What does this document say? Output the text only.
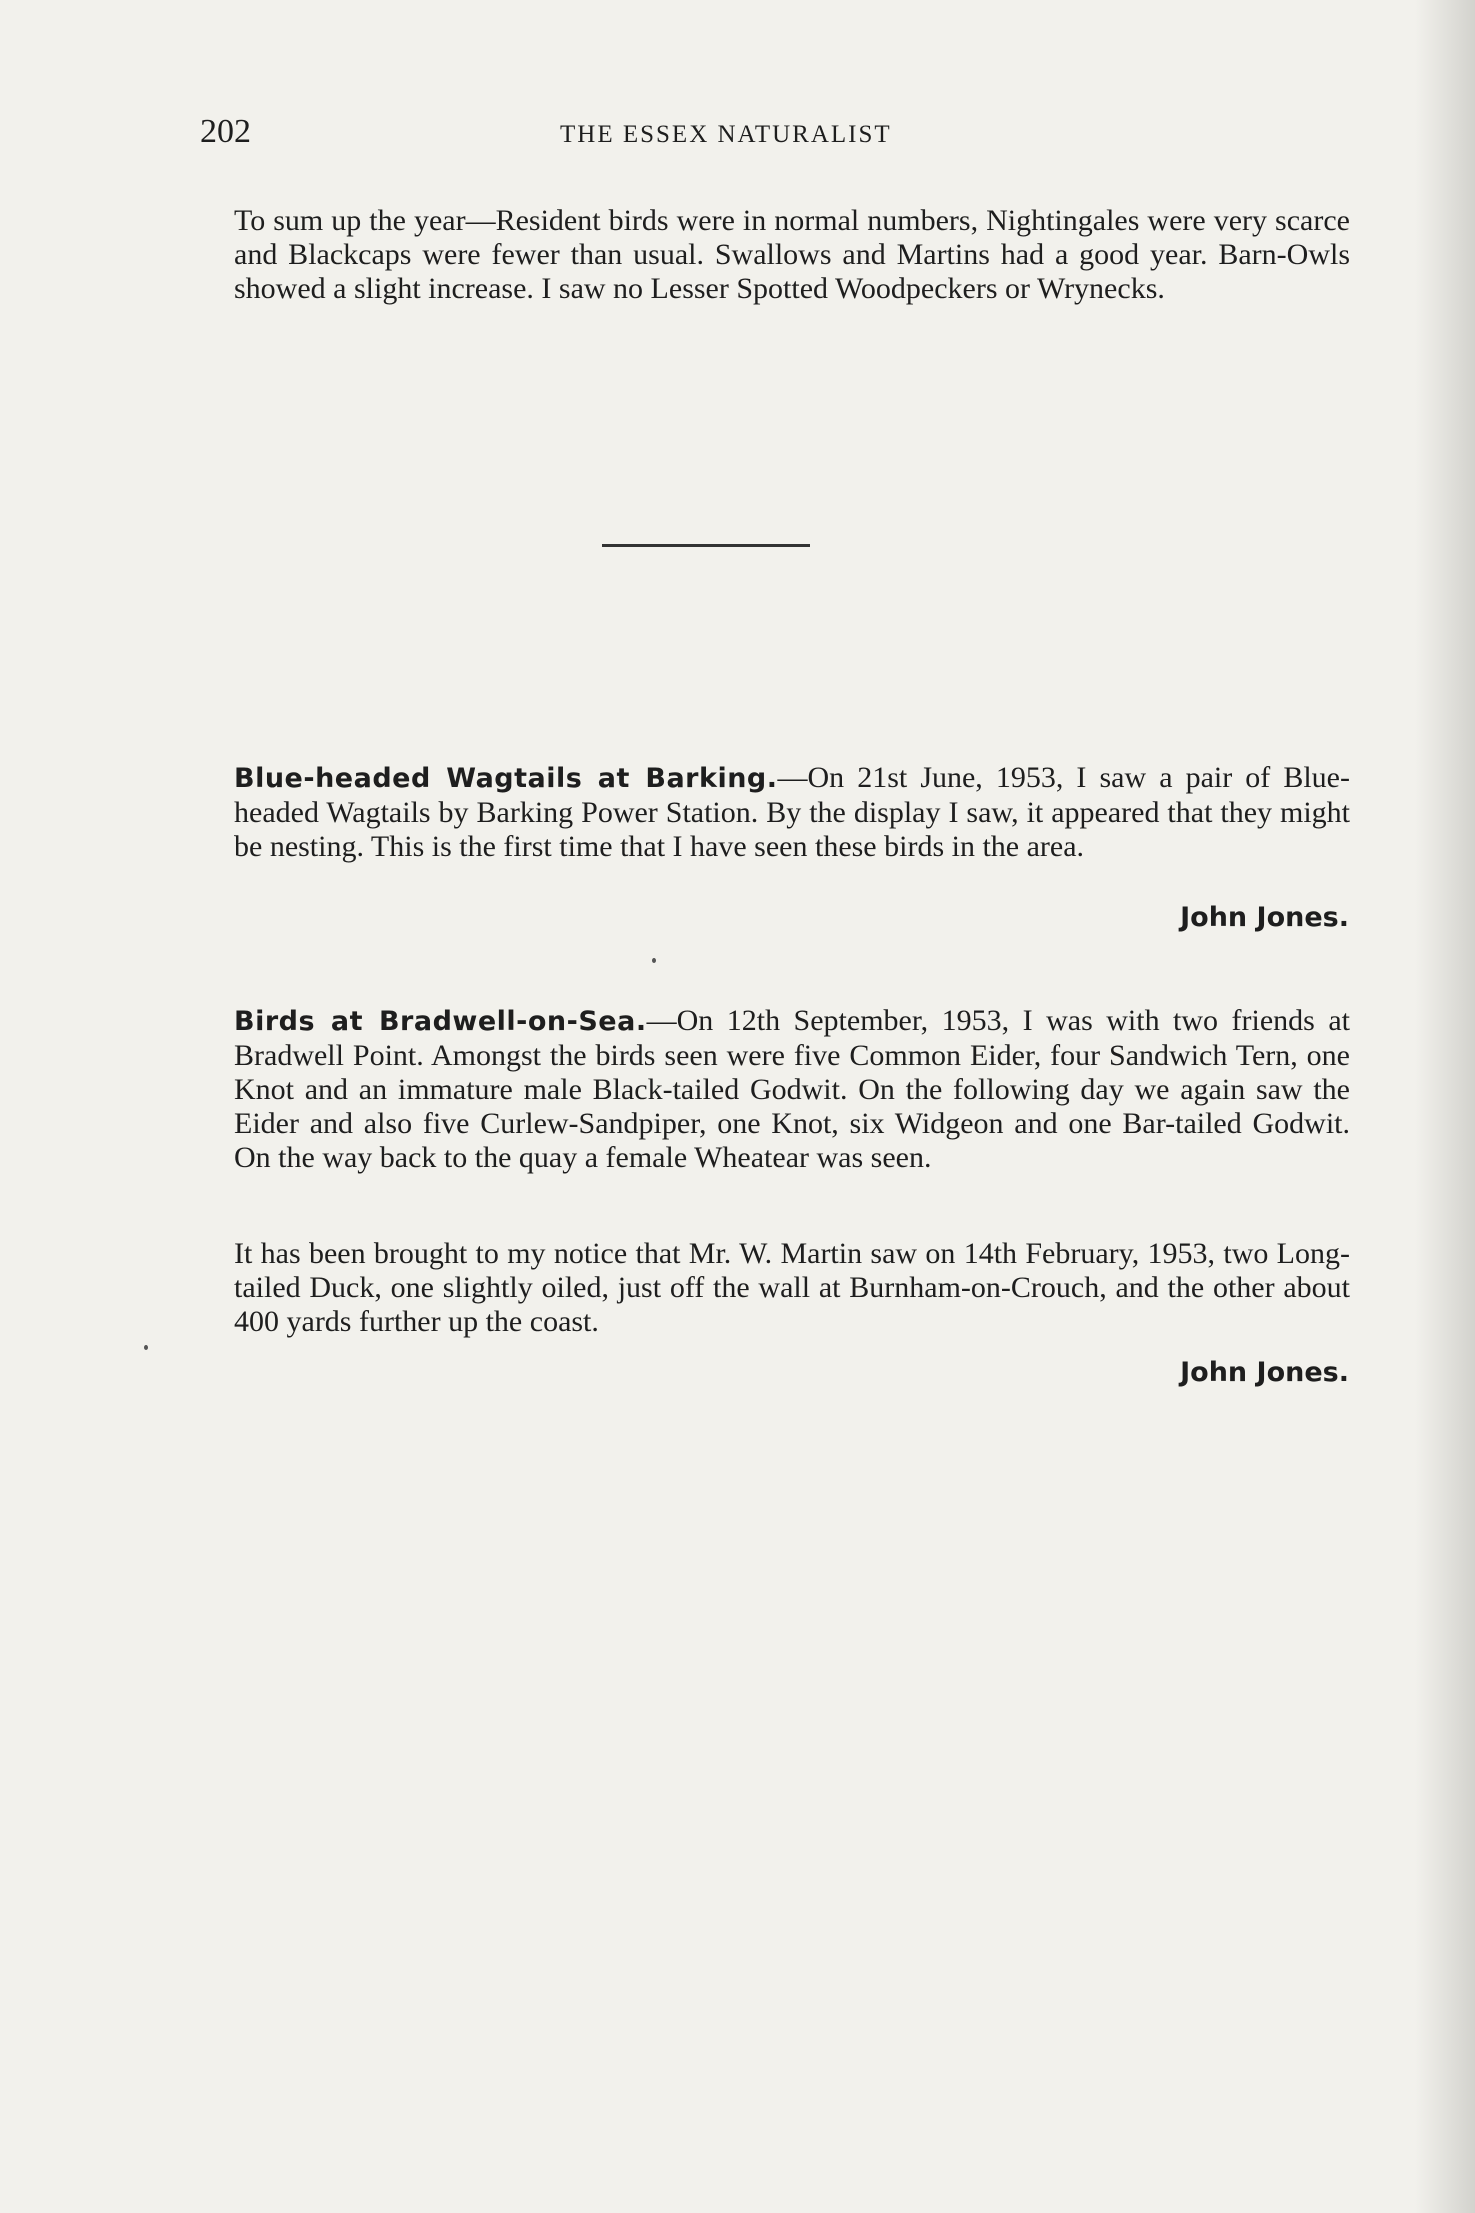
202	THE ESSEX NATURALIST
To sum up the year—Resident birds were in normal numbers, Nightingales were very scarce and Blackcaps were fewer than usual. Swallows and Martins had a good year. Barn-Owls showed a slight increase. I saw no Lesser Spotted Woodpeckers or Wrynecks.
Blue-headed Wagtails at Barking.—On 21st June, 1953, I saw a pair of Blue-headed Wagtails by Barking Power Station. By the display I saw, it appeared that they might be nesting. This is the first time that I have seen these birds in the area.
John Jones.
Birds at Bradwell-on-Sea.—On 12th September, 1953, I was with two friends at Bradwell Point. Amongst the birds seen were five Common Eider, four Sandwich Tern, one Knot and an immature male Black-tailed Godwit. On the following day we again saw the Eider and also five Curlew-Sandpiper, one Knot, six Widgeon and one Bar-tailed Godwit. On the way back to the quay a female Wheatear was seen.
It has been brought to my notice that Mr. W. Martin saw on 14th February, 1953, two Long-tailed Duck, one slightly oiled, just off the wall at Burnham-on-Crouch, and the other about 400 yards further up the coast.
John Jones.
